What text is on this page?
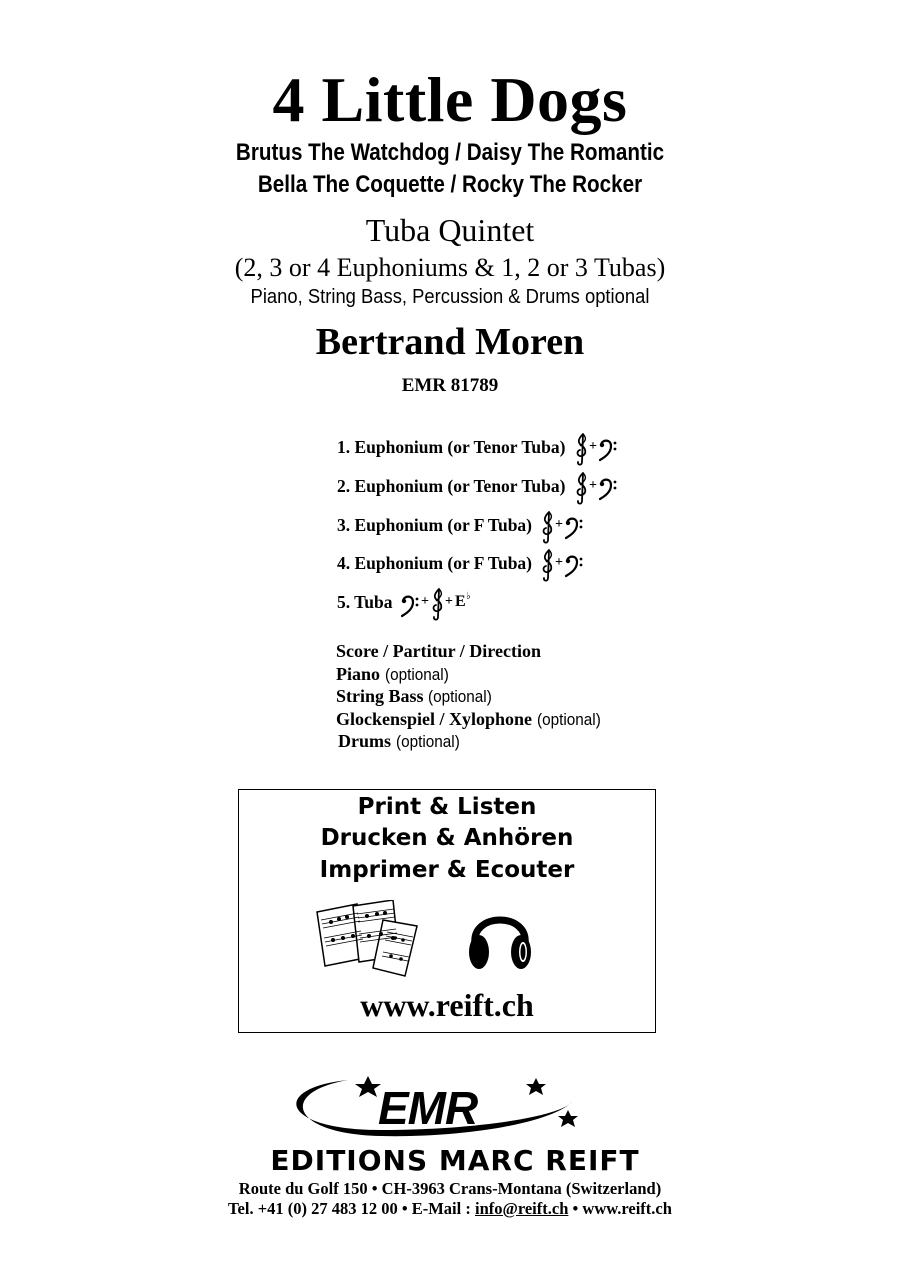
4 Little Dogs
Brutus The Watchdog / Daisy The Romantic
Bella The Coquette / Rocky The Rocker
Tuba Quintet
(2, 3 or 4 Euphoniums & 1, 2 or 3 Tubas)
Piano, String Bass, Percussion & Drums optional
Bertrand Moren
EMR 81789
1. Euphonium (or Tenor Tuba) +
2. Euphonium (or Tenor Tuba) +
3. Euphonium (or F Tuba) +
4. Euphonium (or F Tuba) +
5. Tuba + + E ♭
Score / Partitur / Direction
Piano (optional)
String Bass (optional)
Glockenspiel / Xylophone (optional)
Drums (optional)
Print & Listen
Drucken & Anhören
Imprimer & Ecouter
www.reift.ch
EMR
EDITIONS MARC REIFT
Route du Golf 150 • CH-3963 Crans-Montana (Switzerland)
Tel. +41 (0) 27 483 12 00 • E-Mail : info@reift.ch • www.reift.ch
